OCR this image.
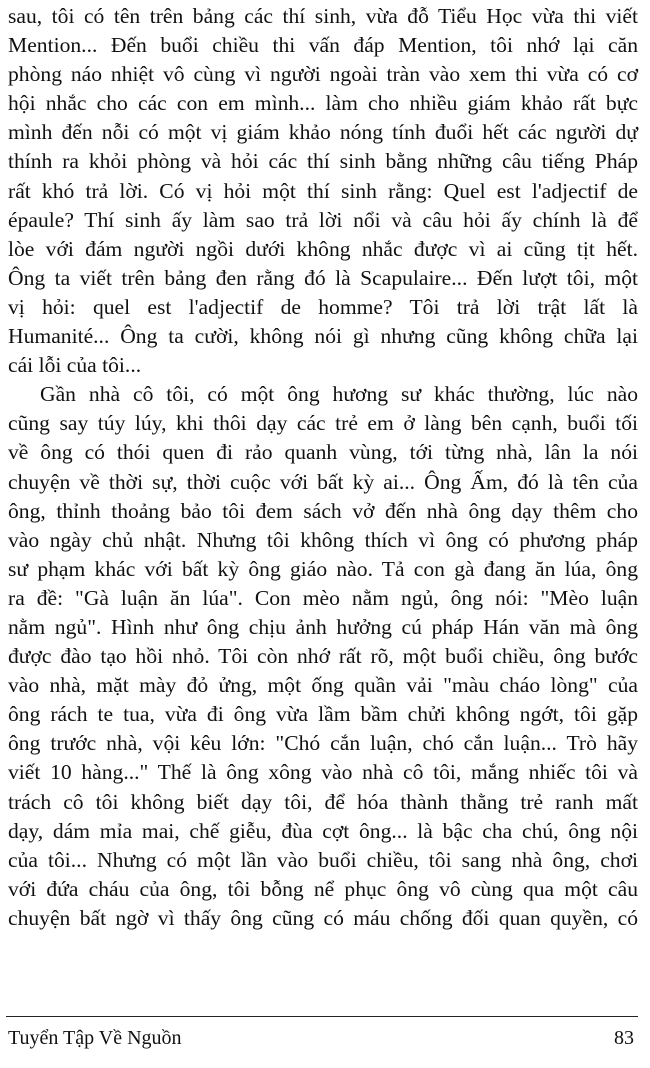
sau, tôi có tên trên bảng các thí sinh, vừa đỗ Tiểu Học vừa thi viết
Mention... Đến buổi chiều thi vấn đáp Mention, tôi nhớ lại căn
phòng náo nhiệt vô cùng vì người ngoài tràn vào xem thi vừa có cơ
hội nhắc cho các con em mình... làm cho nhiều giám khảo rất bực
mình đến nỗi có một vị giám khảo nóng tính đuổi hết các người dự
thính ra khỏi phòng và hỏi các thí sinh bằng những câu tiếng Pháp
rất khó trả lời. Có vị hỏi một thí sinh rằng: Quel est l'adjectif de
épaule? Thí sinh ấy làm sao trả lời nổi và câu hỏi ấy chính là để
lòe với đám người ngồi dưới không nhắc được vì ai cũng tịt hết.
Ông ta viết trên bảng đen rằng đó là Scapulaire... Đến lượt tôi, một
vị hỏi: quel est l'adjectif de homme? Tôi trả lời trật lất là
Humanité... Ông ta cười, không nói gì nhưng cũng không chữa lại
cái lỗi của tôi...
Gần nhà cô tôi, có một ông hương sư khác thường, lúc nào
cũng say túy lúy, khi thôi dạy các trẻ em ở làng bên cạnh, buổi tối
về ông có thói quen đi rảo quanh vùng, tới từng nhà, lân la nói
chuyện về thời sự, thời cuộc với bất kỳ ai... Ông Ấm, đó là tên của
ông, thỉnh thoảng bảo tôi đem sách vở đến nhà ông dạy thêm cho
vào ngày chủ nhật. Nhưng tôi không thích vì ông có phương pháp
sư phạm khác với bất kỳ ông giáo nào. Tả con gà đang ăn lúa, ông
ra đề: "Gà luận ăn lúa". Con mèo nằm ngủ, ông nói: "Mèo luận
nằm ngủ". Hình như ông chịu ảnh hưởng cú pháp Hán văn mà ông
được đào tạo hồi nhỏ. Tôi còn nhớ rất rõ, một buổi chiều, ông bước
vào nhà, mặt mày đỏ ửng, một ống quần vải "màu cháo lòng" của
ông rách te tua, vừa đi ông vừa lầm bầm chửi không ngớt, tôi gặp
ông trước nhà, vội kêu lớn: "Chó cắn luận, chó cắn luận... Trò hãy
viết 10 hàng..." Thế là ông xông vào nhà cô tôi, mắng nhiếc tôi và
trách cô tôi không biết dạy tôi, để hóa thành thằng trẻ ranh mất
dạy, dám mỉa mai, chế giễu, đùa cợt ông... là bậc cha chú, ông nội
của tôi... Nhưng có một lần vào buổi chiều, tôi sang nhà ông, chơi
với đứa cháu của ông, tôi bỗng nể phục ông vô cùng qua một câu
chuyện bất ngờ vì thấy ông cũng có máu chống đối quan quyền, có
Tuyển Tập Về Nguồn	83
